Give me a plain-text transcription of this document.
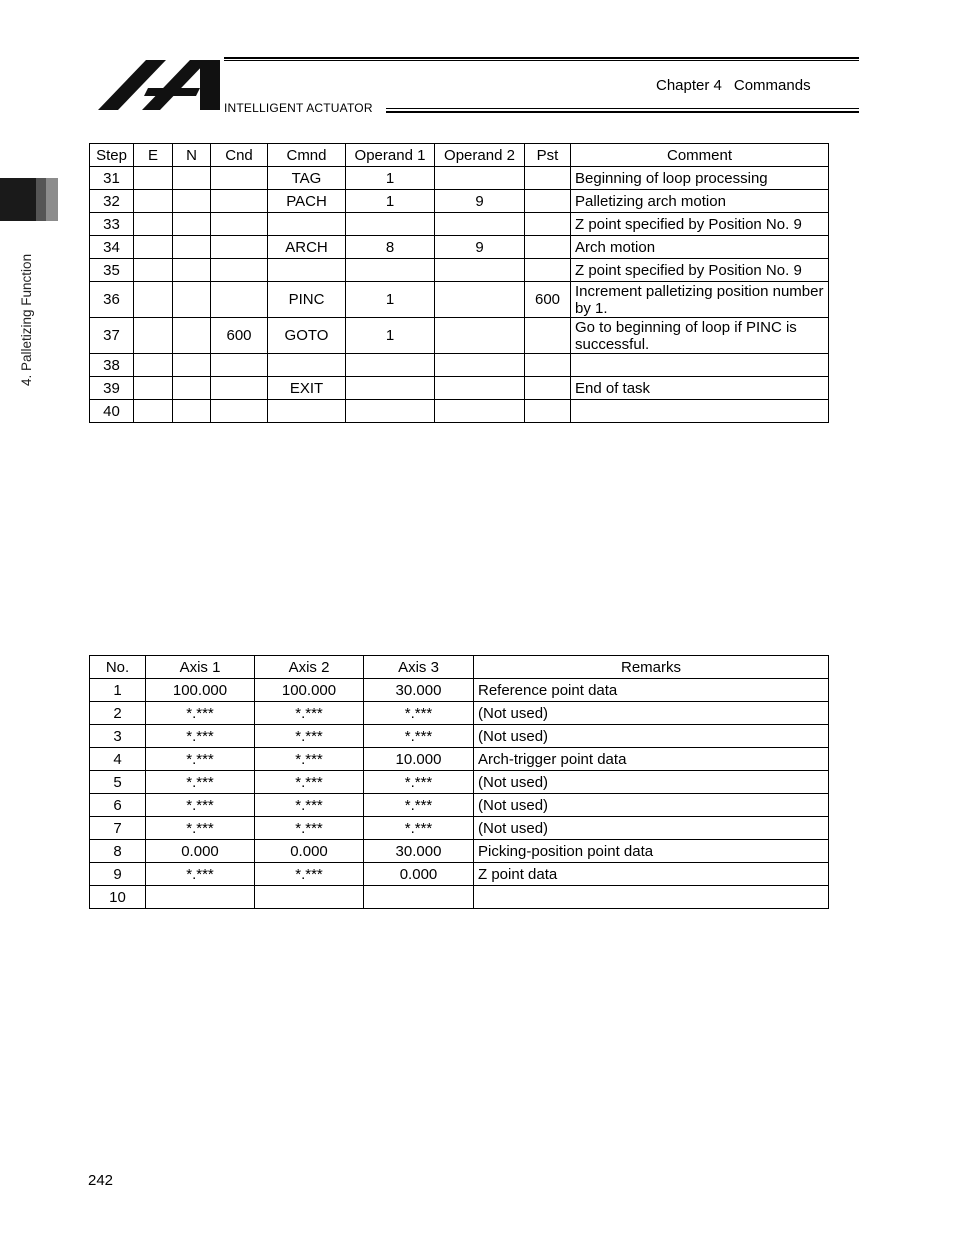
INTELLIGENT ACTUATOR
Chapter 4 Commands
4. Palletizing Function
Step	E	N	Cnd	Cmnd	Operand 1	Operand 2	Pst	Comment
31				TAG	1			Beginning of loop processing
32				PACH	1	9		Palletizing arch motion
33								Z point specified by Position No. 9
34				ARCH	8	9		Arch motion
35								Z point specified by Position No. 9
36				PINC	1		600	Increment palletizing position number by 1.
37			600	GOTO	1			Go to beginning of loop if PINC is successful.
38								
39				EXIT				End of task
40								
No.	Axis 1	Axis 2	Axis 3	Remarks
1	100.000	100.000	30.000	Reference point data
2	*.***	*.***	*.***	(Not used)
3	*.***	*.***	*.***	(Not used)
4	*.***	*.***	10.000	Arch-trigger point data
5	*.***	*.***	*.***	(Not used)
6	*.***	*.***	*.***	(Not used)
7	*.***	*.***	*.***	(Not used)
8	0.000	0.000	30.000	Picking-position point data
9	*.***	*.***	0.000	Z point data
10				
242
